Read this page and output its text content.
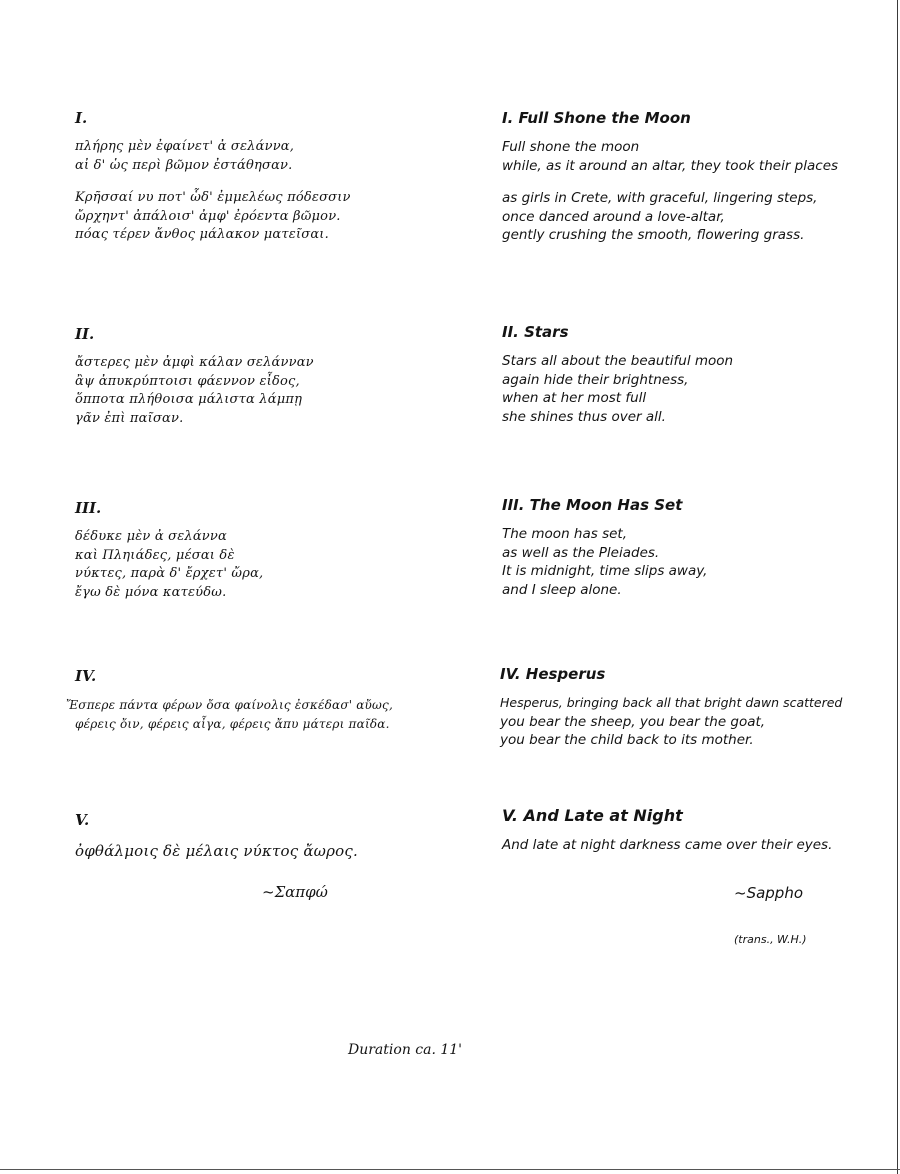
I.

πλήρης μὲν ἐφαίνετ' ἀ σελάννα,

αἰ δ' ὡς περὶ βῶμον ἐστάθησαν.

Κρῆσσαί νυ ποτ' ὧδ' ἐμμελέως πόδεσσιν

ὤρχηντ' ἀπάλοισ' ἀμφ' ἐρόεντα βῶμον.

πόας τέρεν ἄνθος μάλακον ματεῖσαι.

II.

ἄστερες μὲν ἀμφὶ κάλαν σελάνναν

ἂψ ἀπυκρύπτοισι φάεννον εἶδος,

ὅπποτα πλήθοισα μάλιστα λάμπῃ

γᾶν ἐπὶ παῖσαν.

III.

δέδυκε μὲν ἀ σελάννα

καὶ Πληιάδες, μέσαι δὲ

νύκτες, παρὰ δ' ἔρχετ' ὤρα,

ἔγω δὲ μόνα κατεύδω.

IV.

Ἔσπερε πάντα φέρων ὄσα φαίνολις ἐσκέδασ' αὔως,

φέρεις ὄιν, φέρεις αἶγα, φέρεις ἄπυ μάτερι παῖδα.

V.

ὀφθάλμοις δὲ μέλαις νύκτος ἄωρος.

~Σαπφώ
I. Full Shone the Moon

Full shone the moon

while, as it around an altar, they took their places

as girls in Crete, with graceful, lingering steps,

once danced around a love-altar,

gently crushing the smooth, flowering grass.

II. Stars

Stars all about the beautiful moon

again hide their brightness,

when at her most full

she shines thus over all.

III. The Moon Has Set

The moon has set,

as well as the Pleiades.

It is midnight, time slips away,

and I sleep alone.

IV. Hesperus

Hesperus, bringing back all that bright dawn scattered

you bear the sheep, you bear the goat,

you bear the child back to its mother.

V. And Late at Night

And late at night darkness came over their eyes.

~Sappho
(trans., W.H.)
Duration ca. 11'
